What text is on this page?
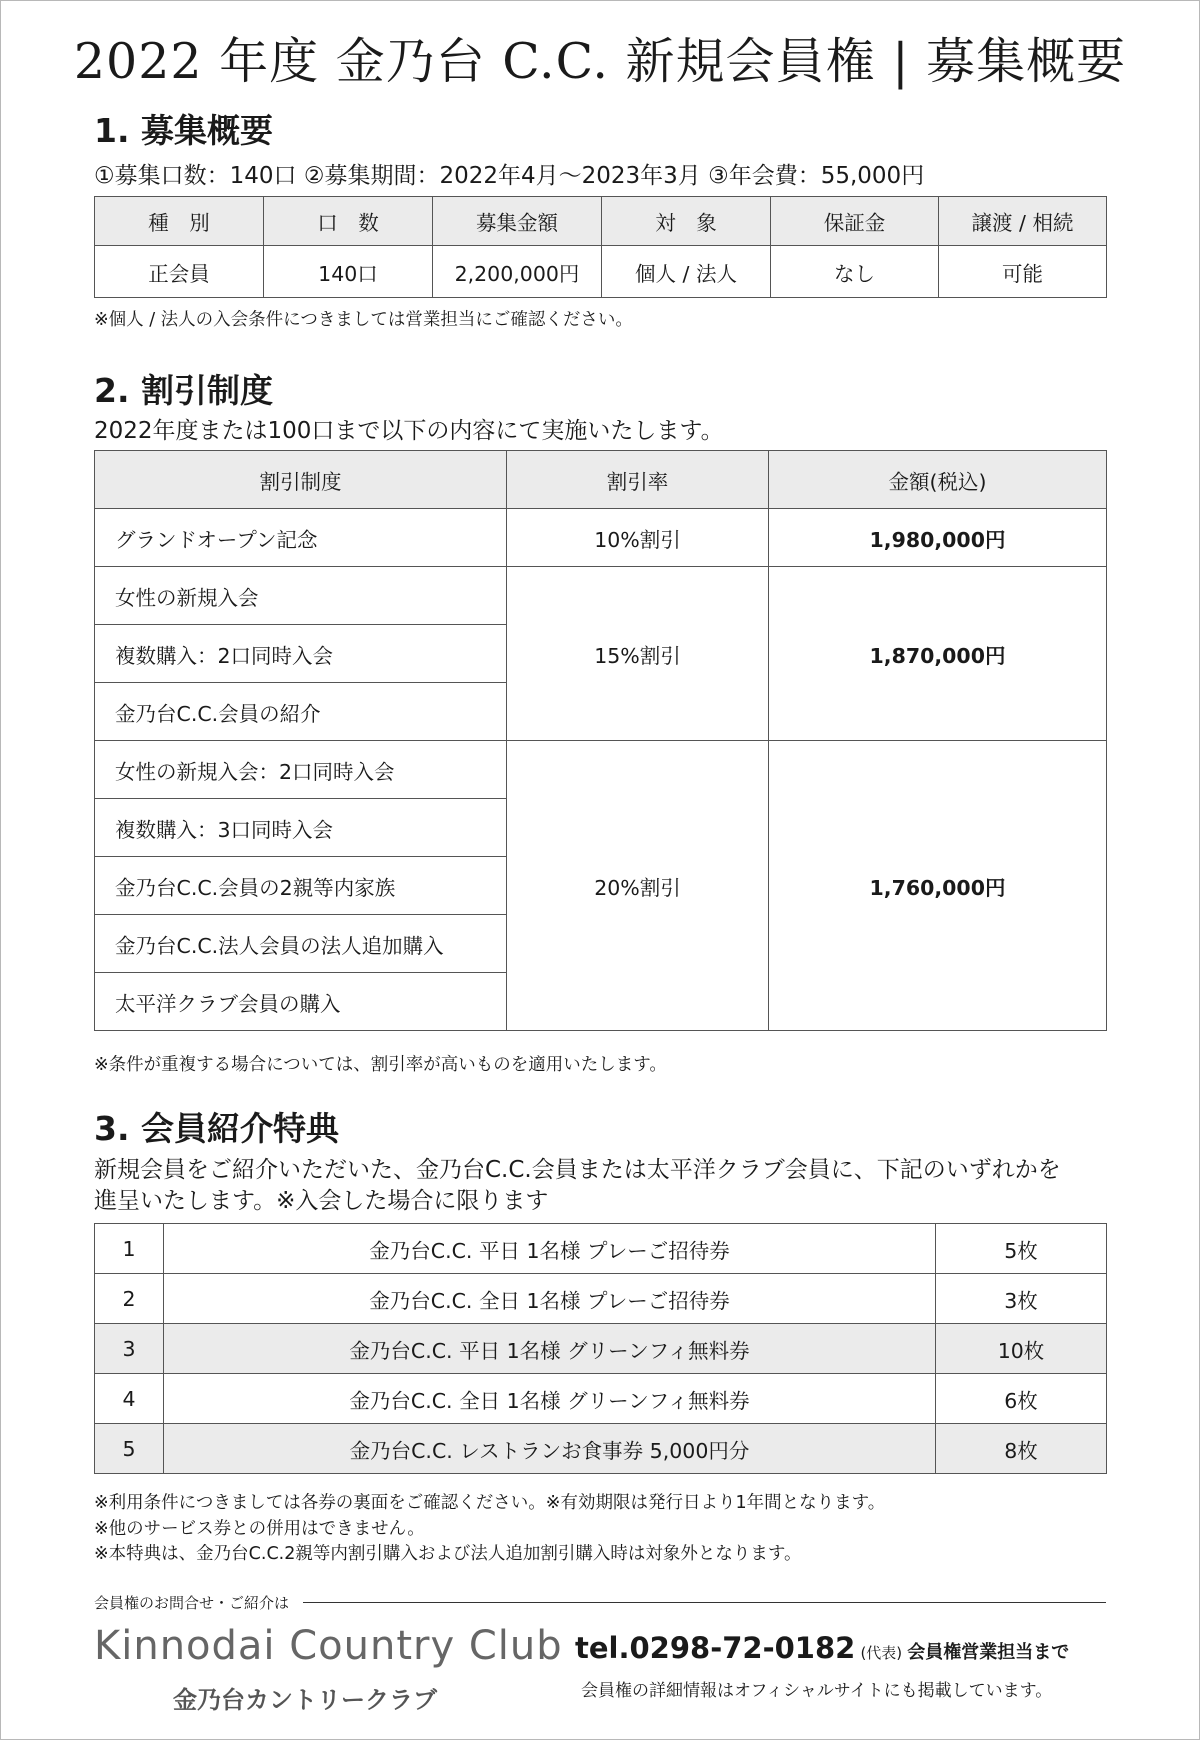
2022 年度 金乃台 C.C. 新規会員権 | 募集概要
1. 募集概要
①募集口数：140口 ②募集期間：2022年4月〜2023年3月 ③年会費：55,000円
種　別	口　数	募集金額	対　象	保証金	譲渡 / 相続
正会員	140口	2,200,000円	個人 / 法人	なし	可能
※個人 / 法人の入会条件につきましては営業担当にご確認ください。
2. 割引制度
2022年度または100口まで以下の内容にて実施いたします。
割引制度	割引率	金額(税込)
グランドオープン記念	10%割引	1,980,000円
女性の新規入会	15%割引	1,870,000円
複数購入：2口同時入会		
金乃台C.C.会員の紹介		
女性の新規入会：2口同時入会	20%割引	1,760,000円
複数購入：3口同時入会		
金乃台C.C.会員の2親等内家族		
金乃台C.C.法人会員の法人追加購入		
太平洋クラブ会員の購入		
※条件が重複する場合については、割引率が高いものを適用いたします。
3. 会員紹介特典
新規会員をご紹介いただいた、金乃台C.C.会員または太平洋クラブ会員に、下記のいずれかを
進呈いたします。※入会した場合に限ります
1	金乃台C.C. 平日 1名様 プレーご招待券	5枚
2	金乃台C.C. 全日 1名様 プレーご招待券	3枚
3	金乃台C.C. 平日 1名様 グリーンフィ無料券	10枚
4	金乃台C.C. 全日 1名様 グリーンフィ無料券	6枚
5	金乃台C.C. レストランお食事券 5,000円分	8枚
※利用条件につきましては各券の裏面をご確認ください。※有効期限は発行日より1年間となります。
※他のサービス券との併用はできません。
※本特典は、金乃台C.C.2親等内割引購入および法人追加割引購入時は対象外となります。
会員権のお問合せ・ご紹介は
Kinnodai Country Club
金乃台カントリークラブ
tel.0298-72-0182 (代表) 会員権営業担当まで
会員権の詳細情報はオフィシャルサイトにも掲載しています。
